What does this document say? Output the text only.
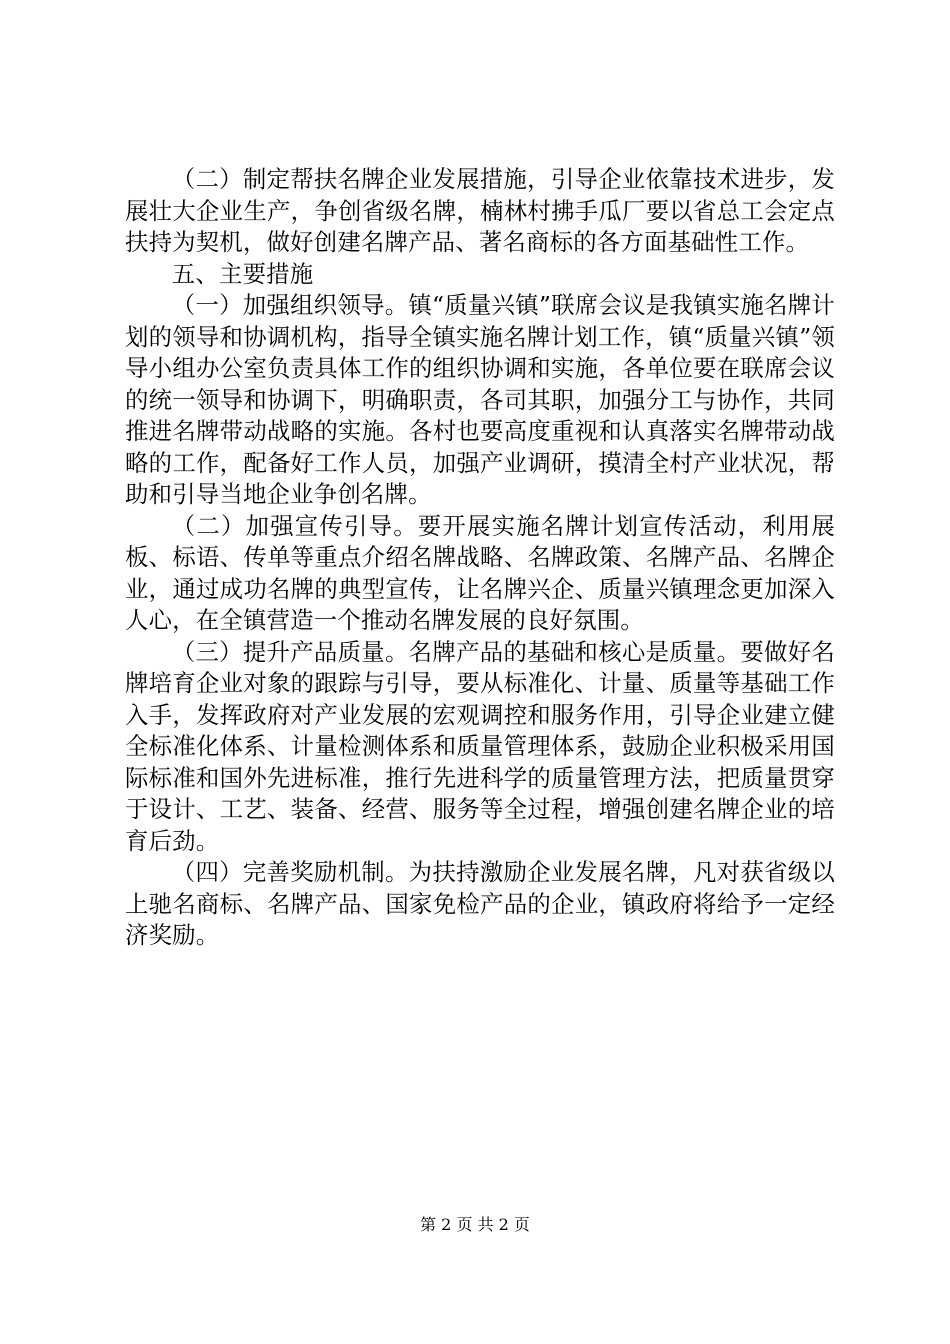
（二）制定帮扶名牌企业发展措施，引导企业依靠技术进步，发展壮大企业生产，争创省级名牌，楠林村拂手瓜厂要以省总工会定点扶持为契机，做好创建名牌产品、著名商标的各方面基础性工作。

五、主要措施

（一）加强组织领导。镇“质量兴镇”联席会议是我镇实施名牌计划的领导和协调机构，指导全镇实施名牌计划工作，镇“质量兴镇”领导小组办公室负责具体工作的组织协调和实施，各单位要在联席会议的统一领导和协调下，明确职责，各司其职，加强分工与协作，共同推进名牌带动战略的实施。各村也要高度重视和认真落实名牌带动战略的工作，配备好工作人员，加强产业调研，摸清全村产业状况，帮助和引导当地企业争创名牌。

（二）加强宣传引导。要开展实施名牌计划宣传活动，利用展板、标语、传单等重点介绍名牌战略、名牌政策、名牌产品、名牌企业，通过成功名牌的典型宣传，让名牌兴企、质量兴镇理念更加深入人心，在全镇营造一个推动名牌发展的良好氛围。

（三）提升产品质量。名牌产品的基础和核心是质量。要做好名牌培育企业对象的跟踪与引导，要从标准化、计量、质量等基础工作入手，发挥政府对产业发展的宏观调控和服务作用，引导企业建立健全标准化体系、计量检测体系和质量管理体系，鼓励企业积极采用国际标准和国外先进标准，推行先进科学的质量管理方法，把质量贯穿于设计、工艺、装备、经营、服务等全过程，增强创建名牌企业的培育后劲。

（四）完善奖励机制。为扶持激励企业发展名牌，凡对获省级以上驰名商标、名牌产品、国家免检产品的企业，镇政府将给予一定经济奖励。

第 2 页 共 2 页
